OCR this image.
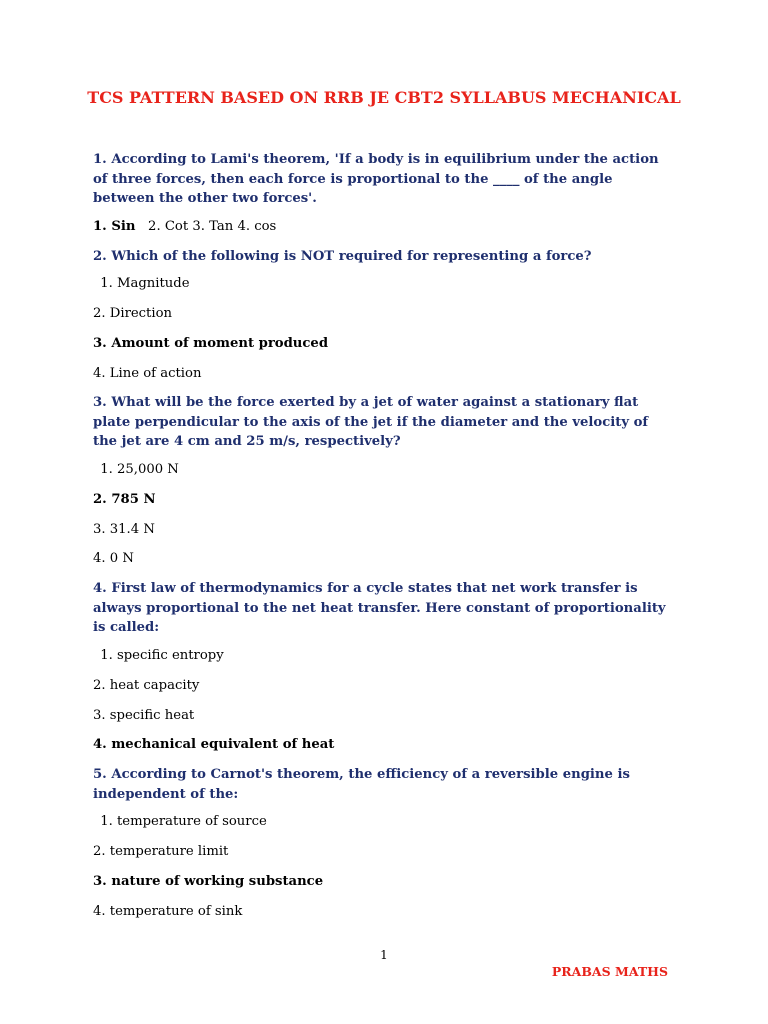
TCS PATTERN BASED ON RRB JE CBT2 SYLLABUS MECHANICAL

1. According to Lami's theorem, 'If a body is in equilibrium under the action of three forces, then each force is proportional to the ____ of the angle between the other two forces'.

1. Sin   2. Cot 3. Tan 4. cos

2. Which of the following is NOT required for representing a force?

1. Magnitude

2. Direction

3. Amount of moment produced

4. Line of action

3. What will be the force exerted by a jet of water against a stationary flat plate perpendicular to the axis of the jet if the diameter and the velocity of the jet are 4 cm and 25 m/s, respectively?

1. 25,000 N

2. 785 N

3. 31.4 N

4. 0 N

4. First law of thermodynamics for a cycle states that net work transfer is always proportional to the net heat transfer. Here constant of proportionality is called:

1. specific entropy

2. heat capacity

3. specific heat

4. mechanical equivalent of heat

5. According to Carnot's theorem, the efficiency of a reversible engine is independent of the:

1. temperature of source

2. temperature limit

3. nature of working substance

4. temperature of sink

1
PRABAS MATHS
